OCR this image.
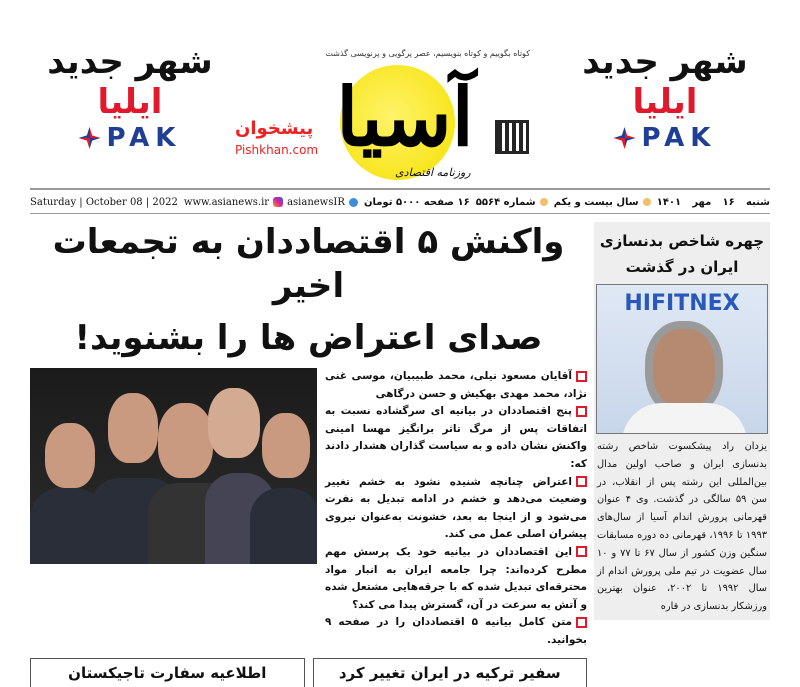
شهر جدید
ایلیا
PAK
شهر جدید
ایلیا
PAK
آسیا
کوتاه بگوییم و کوتاه بنویسیم، عصر پرگویی و پرنویسی گذشت
روزنامه اقتصادی
پیشخوان
Pishkhan.com
شنبه

۱۶

مهر

۱۴۰۱
سال بیست و یکم
شماره ۵۵۶۴
۱۶ صفحه ۵۰۰۰ تومان
www.asianews.ir asianewsIR
Saturday | October 08 | 2022
واکنش ۵ اقتصاددان به تجمعات اخیر
صدای اعتراض ها را بشنوید!

آقایان مسعود نیلی، محمد طبیبیان، موسی غنی نژاد، محمد مهدی بهکیش و حسن درگاهی

پنج اقتصاددان در بیانیه ای سرگشاده نسبت به اتفاقات پس از مرگ تاثر برانگیز مهسا امینی واکنش نشان داده و به سیاست گذاران هشدار دادند که:

اعتراض چنانچه شنیده نشود به خشم تغییر وضعیت می‌دهد و خشم در ادامه تبدیل به نفرت می‌شود و از اینجا به بعد، خشونت به‌عنوان نیروی پیشران اصلی عمل می کند.

این اقتصاددان در بیانیه خود یک پرسش مهم مطرح کرده‌اند: چرا جامعه ایران به انبار مواد محترقه‌ای تبدیل شده که با جرقه‌هایی مشتعل شده و آتش به سرعت در آن، گسترش پیدا می کند؟

متن کامل بیانیه ۵ اقتصاددان را در صفحه ۹ بخوانید.

سفیر ترکیه در ایران تغییر کرد
اطلاعیه سفارت تاجیکستان
چهره شاخص بدنسازی ایران در گذشت
HIFITNEX
یزدان راد پیشکسوت شاخص رشته بدنسازی ایران و صاحب اولین مدال بین‌المللی این رشته پس از انقلاب، در سن ۵۹ سالگی در گذشت. وی ۴ عنوان قهرمانی پرورش اندام آسیا از سال‌های ۱۹۹۳ تا ۱۹۹۶، قهرمانی ده دوره مسابقات سنگین وزن کشور از سال ۶۷ تا ۷۷ و ۱۰ سال عضویت در تیم ملی پرورش اندام از سال ۱۹۹۲ تا ۲۰۰۲، عنوان بهترین ورزشکار بدنسازی در قاره
